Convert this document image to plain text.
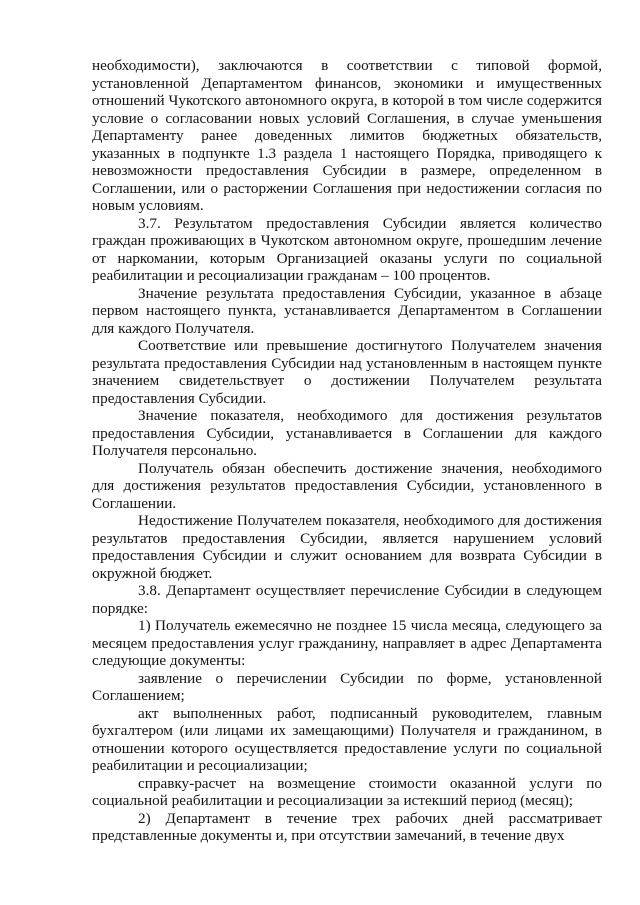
необходимости), заключаются в соответствии с типовой формой, установленной Департаментом финансов, экономики и имущественных отношений Чукотского автономного округа, в которой в том числе содержится условие о согласовании новых условий Соглашения, в случае уменьшения Департаменту ранее доведенных лимитов бюджетных обязательств, указанных в подпункте 1.3 раздела 1 настоящего Порядка, приводящего к невозможности предоставления Субсидии в размере, определенном в Соглашении, или о расторжении Соглашения при недостижении согласия по новым условиям.

3.7. Результатом предоставления Субсидии является количество граждан проживающих в Чукотском автономном округе, прошедшим лечение от наркомании, которым Организацией оказаны услуги по социальной реабилитации и ресоциализации гражданам – 100 процентов.

Значение результата предоставления Субсидии, указанное в абзаце первом настоящего пункта, устанавливается Департаментом в Соглашении для каждого Получателя.

Соответствие или превышение достигнутого Получателем значения результата предоставления Субсидии над установленным в настоящем пункте значением свидетельствует о достижении Получателем результата предоставления Субсидии.

Значение показателя, необходимого для достижения результатов предоставления Субсидии, устанавливается в Соглашении для каждого Получателя персонально.

Получатель обязан обеспечить достижение значения, необходимого для достижения результатов предоставления Субсидии, установленного в Соглашении.

Недостижение Получателем показателя, необходимого для достижения результатов предоставления Субсидии, является нарушением условий предоставления Субсидии и служит основанием для возврата Субсидии в окружной бюджет.

3.8. Департамент осуществляет перечисление Субсидии в следующем порядке:

1) Получатель ежемесячно не позднее 15 числа месяца, следующего за месяцем предоставления услуг гражданину, направляет в адрес Департамента следующие документы:

заявление о перечислении Субсидии по форме, установленной Соглашением;

акт выполненных работ, подписанный руководителем, главным бухгалтером (или лицами их замещающими) Получателя и гражданином, в отношении которого осуществляется предоставление услуги по социальной реабилитации и ресоциализации;

справку-расчет на возмещение стоимости оказанной услуги по социальной реабилитации и ресоциализации за истекший период (месяц);

2) Департамент в течение трех рабочих дней рассматривает представленные документы и, при отсутствии замечаний, в течение двух
